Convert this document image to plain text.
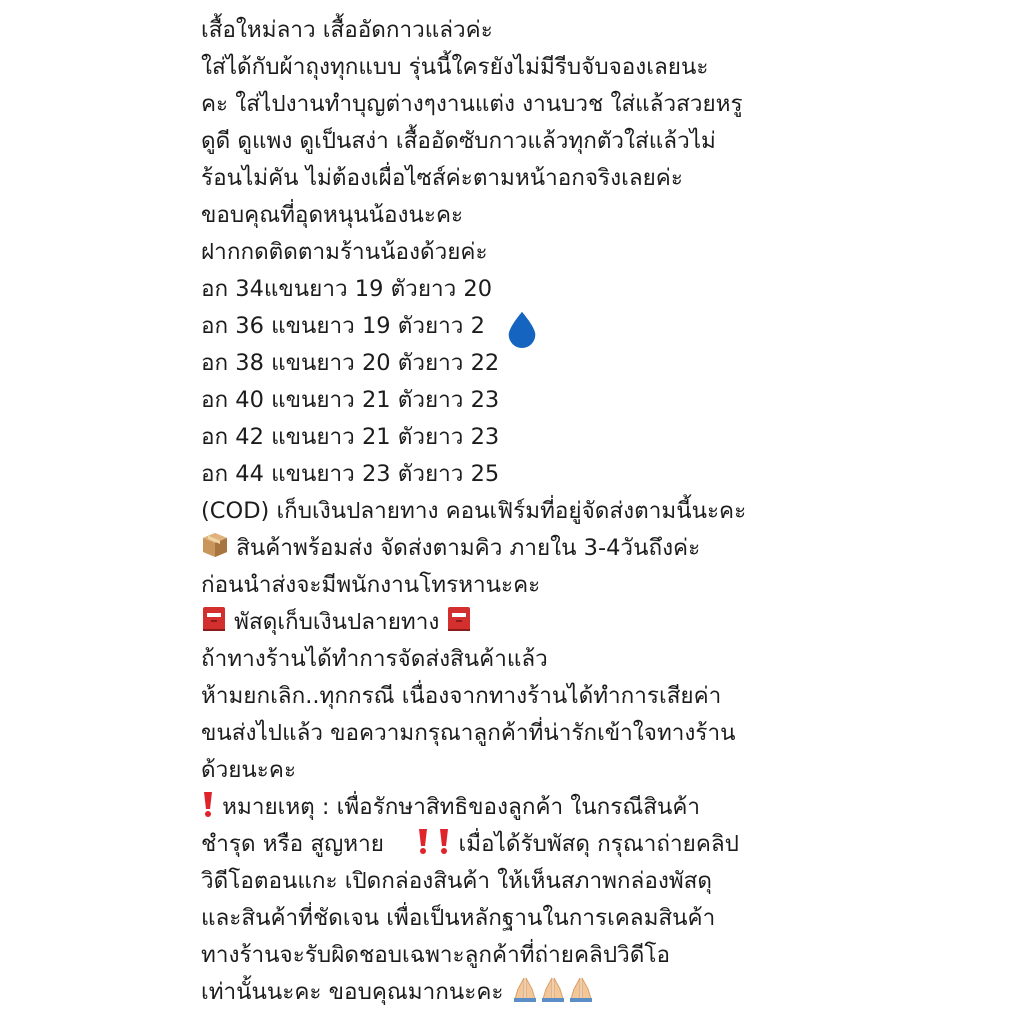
เสื้อใหม่ลาว เสื้ออัดกาวแล่วค่ะ
ใส่ได้กับผ้าถุงทุกแบบ รุ่นนี้ใครยังไม่มีรีบจับจองเลยนะ
คะ ใส่ไปงานทำบุญต่างๆงานแต่ง งานบวช ใส่แล้วสวยหรู
ดูดี ดูแพง ดูเป็นสง่า เสื้ออัดซับกาวแล้วทุกตัวใส่แล้วไม่
ร้อนไม่คัน ไม่ต้องเผื่อไซส์ค่ะตามหน้าอกจริงเลยค่ะ
ขอบคุณที่อุดหนุนน้องนะคะ
ฝากกดติดตามร้านน้องด้วยค่ะ
อก 34แขนยาว 19 ตัวยาว 20
อก 36 แขนยาว 19 ตัวยาว 2
อก 38 แขนยาว 20 ตัวยาว 22
อก 40 แขนยาว 21 ตัวยาว 23
อก 42 แขนยาว 21 ตัวยาว 23
อก 44 แขนยาว 23 ตัวยาว 25
(COD) เก็บเงินปลายทาง คอนเฟิร์มที่อยู่จัดส่งตามนี้นะคะ
สินค้าพร้อมส่ง จัดส่งตามคิว ภายใน 3-4วันถึงค่ะ
ก่อนนำส่งจะมีพนักงานโทรหานะคะ
พัสดุเก็บเงินปลายทาง
ถ้าทางร้านได้ทำการจัดส่งสินค้าแล้ว
ห้ามยกเลิก..ทุกกรณี เนื่องจากทางร้านได้ทำการเสียค่า
ขนส่งไปแล้ว ขอความกรุณาลูกค้าที่น่ารักเข้าใจทางร้าน
ด้วยนะคะ
หมายเหตุ : เพื่อรักษาสิทธิของลูกค้า ในกรณีสินค้า
ชำรุด หรือ สูญหาย	เมื่อได้รับพัสดุ กรุณาถ่ายคลิป
วิดีโอตอนแกะ เปิดกล่องสินค้า ให้เห็นสภาพกล่องพัสดุ
และสินค้าที่ชัดเจน เพื่อเป็นหลักฐานในการเคลมสินค้า
ทางร้านจะรับผิดชอบเฉพาะลูกค้าที่ถ่ายคลิปวิดีโอ
เท่านั้นนะคะ ขอบคุณมากนะคะ
